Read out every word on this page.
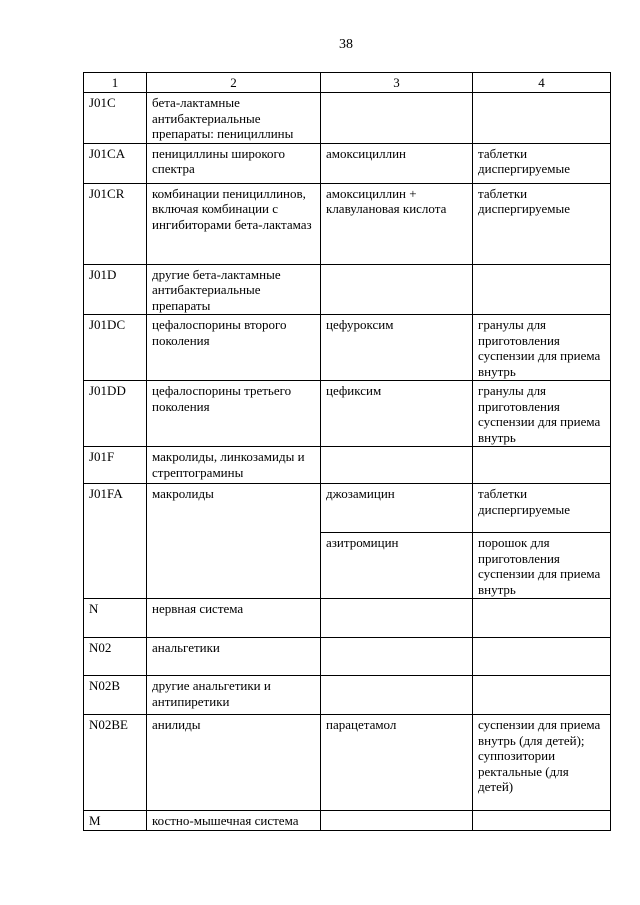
38
1	2	3	4
J01C	бета-лактамные антибактериальные препараты: пенициллины		
J01CA	пенициллины широкого спектра	амоксициллин	таблетки диспергируемые
J01CR	комбинации пенициллинов, включая комбинации с ингибиторами бета-лактамаз	амоксициллин + клавулановая кислота	таблетки диспергируемые
J01D	другие бета-лактамные антибактериальные препараты		
J01DC	цефалоспорины второго поколения	цефуроксим	гранулы для приготовления суспензии для приема внутрь
J01DD	цефалоспорины третьего поколения	цефиксим	гранулы для приготовления суспензии для приема внутрь
J01F	макролиды, линкозамиды и стрептограмины		
J01FA	макролиды	джозамицин	таблетки диспергируемые
		азитромицин	порошок для приготовления суспензии для приема внутрь
N	нервная система		
N02	анальгетики		
N02B	другие анальгетики и антипиретики		
N02BE	анилиды	парацетамол	суспензии для приема внутрь (для детей); суппозитории ректальные (для детей)
M	костно-мышечная система		
